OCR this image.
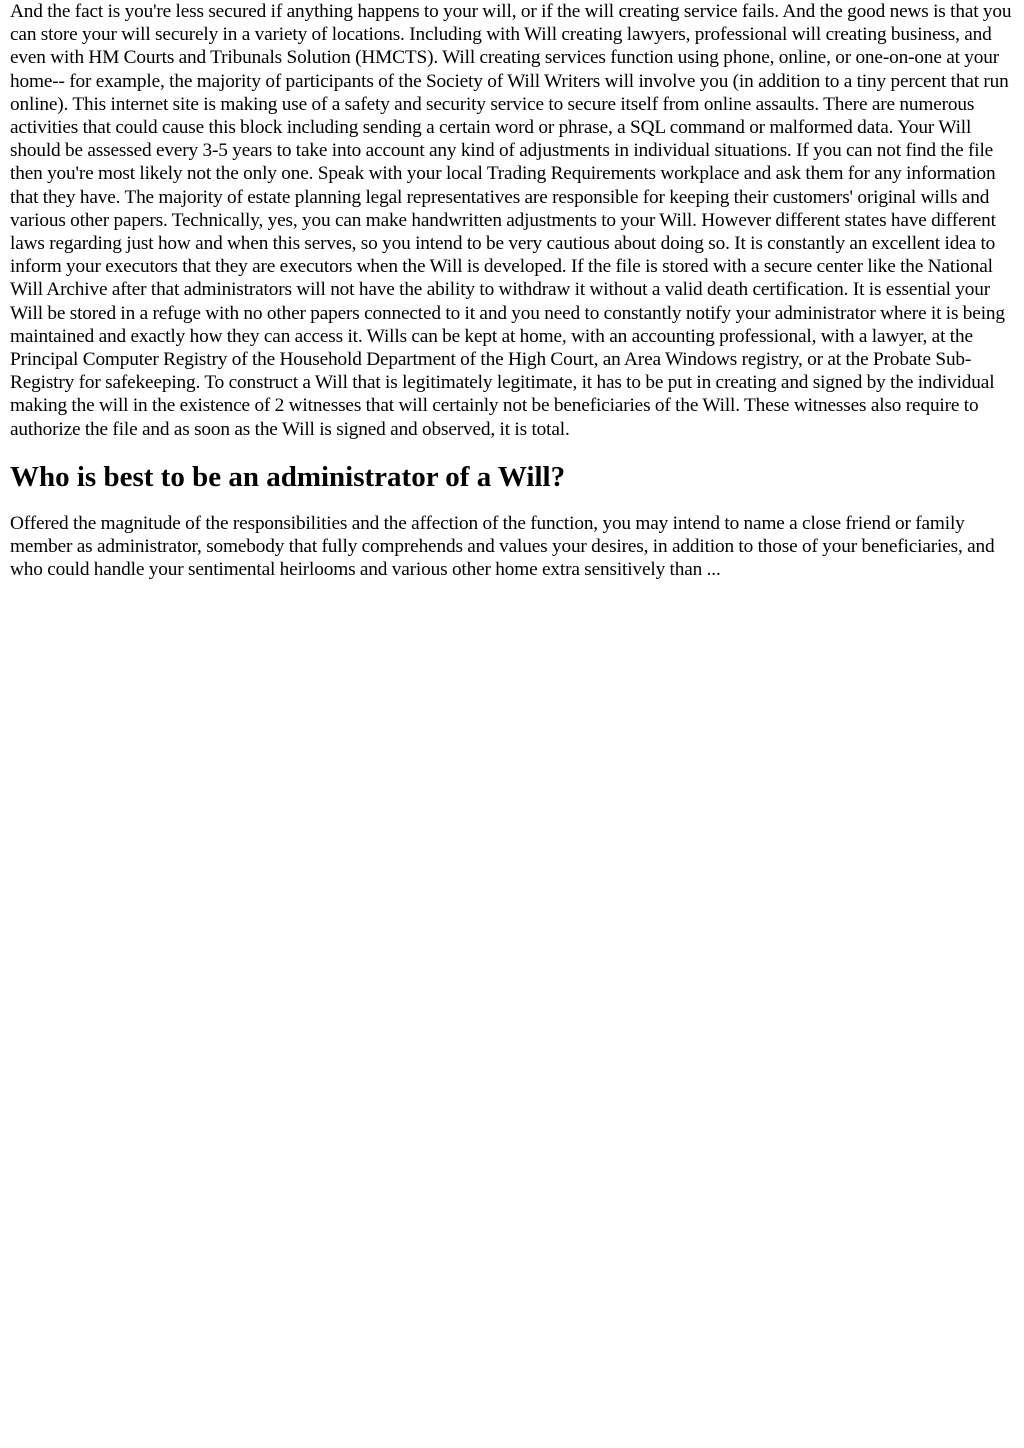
And the fact is you're less secured if anything happens to your will, or if the will creating service fails. And the good news is that you can store your will securely in a variety of locations. Including with Will creating lawyers, professional will creating business, and even with HM Courts and Tribunals Solution (HMCTS). Will creating services function using phone, online, or one-on-one at your home-- for example, the majority of participants of the Society of Will Writers will involve you (in addition to a tiny percent that run online). This internet site is making use of a safety and security service to secure itself from online assaults. There are numerous activities that could cause this block including sending a certain word or phrase, a SQL command or malformed data. Your Will should be assessed every 3-5 years to take into account any kind of adjustments in individual situations. If you can not find the file then you're most likely not the only one. Speak with your local Trading Requirements workplace and ask them for any information that they have. The majority of estate planning legal representatives are responsible for keeping their customers' original wills and various other papers. Technically, yes, you can make handwritten adjustments to your Will. However different states have different laws regarding just how and when this serves, so you intend to be very cautious about doing so. It is constantly an excellent idea to inform your executors that they are executors when the Will is developed. If the file is stored with a secure center like the National Will Archive after that administrators will not have the ability to withdraw it without a valid death certification. It is essential your Will be stored in a refuge with no other papers connected to it and you need to constantly notify your administrator where it is being maintained and exactly how they can access it. Wills can be kept at home, with an accounting professional, with a lawyer, at the Principal Computer Registry of the Household Department of the High Court, an Area Windows registry, or at the Probate Sub-Registry for safekeeping. To construct a Will that is legitimately legitimate, it has to be put in creating and signed by the individual making the will in the existence of 2 witnesses that will certainly not be beneficiaries of the Will. These witnesses also require to authorize the file and as soon as the Will is signed and observed, it is total.

Who is best to be an administrator of a Will?

Offered the magnitude of the responsibilities and the affection of the function, you may intend to name a close friend or family member as administrator, somebody that fully comprehends and values your desires, in addition to those of your beneficiaries, and who could handle your sentimental heirlooms and various other home extra sensitively than ...
